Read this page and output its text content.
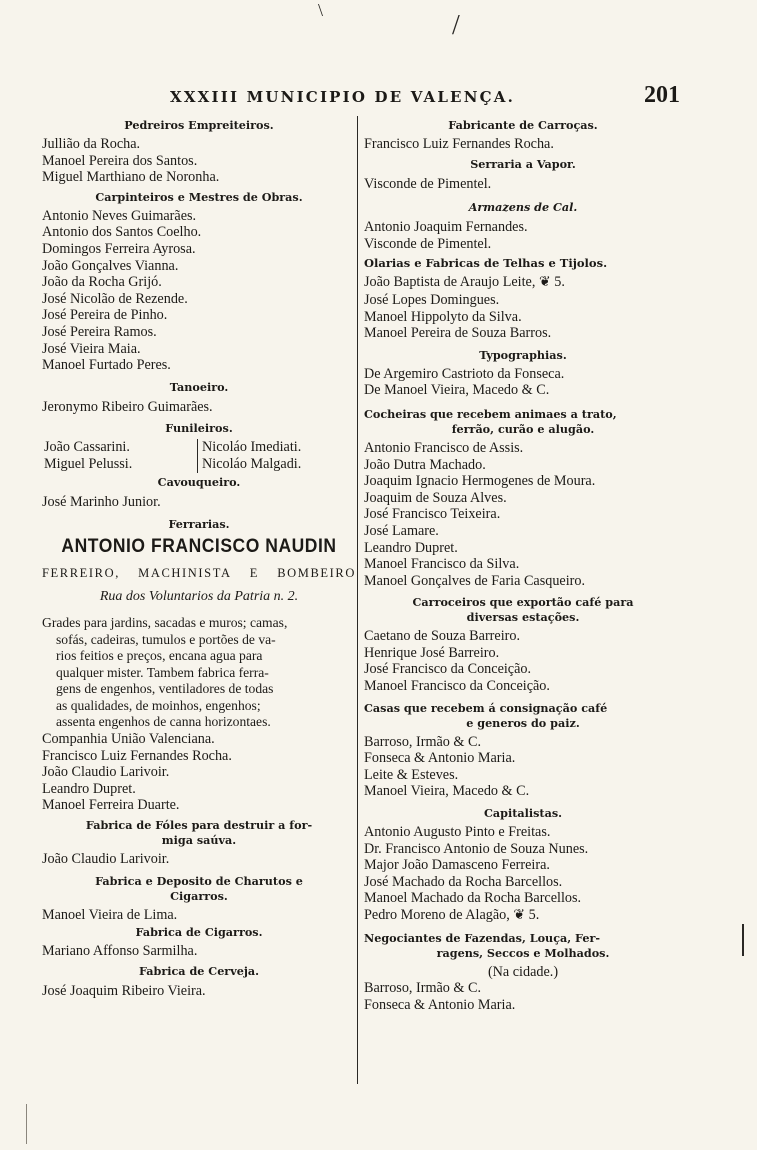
\	/
XXXIII MUNICIPIO DE VALENÇA.	201
Pedreiros Empreiteiros.
Jullião da Rocha.
Manoel Pereira dos Santos.
Miguel Marthiano de Noronha.
Carpinteiros e Mestres de Obras.
Antonio Neves Guimarães.
Antonio dos Santos Coelho.
Domingos Ferreira Ayrosa.
João Gonçalves Vianna.
João da Rocha Grijó.
José Nicolão de Rezende.
José Pereira de Pinho.
José Pereira Ramos.
José Vieira Maia.
Manoel Furtado Peres.
Tanoeiro.
Jeronymo Ribeiro Guimarães.
Funileiros.
João Cassarini.
Miguel Pelussi.
Nicoláo Imediati.
Nicoláo Malgadi.
Cavouqueiro.
José Marinho Junior.
Ferrarias.
ANTONIO FRANCISCO NAUDIN
FERREIRO, MACHINISTA E BOMBEIRO
Rua dos Voluntarios da Patria n. 2.
Grades para jardins, sacadas e muros; camas,
sofás, cadeiras, tumulos e portões de va-
rios feitios e preços, encana agua para
qualquer mister. Tambem fabrica ferra-
gens de engenhos, ventiladores de todas
as qualidades, de moinhos, engenhos;
assenta engenhos de canna horizontaes.
Companhia União Valenciana.
Francisco Luiz Fernandes Rocha.
João Claudio Larivoir.
Leandro Dupret.
Manoel Ferreira Duarte.
Fabrica de Fóles para destruir a for-
miga saúva.
João Claudio Larivoir.
Fabrica e Deposito de Charutos e
Cigarros.
Manoel Vieira de Lima.
Fabrica de Cigarros.
Mariano Affonso Sarmilha.
Fabrica de Cerveja.
José Joaquim Ribeiro Vieira.
Fabricante de Carroças.
Francisco Luiz Fernandes Rocha.
Serraria a Vapor.
Visconde de Pimentel.
Armazens de Cal.
Antonio Joaquim Fernandes.
Visconde de Pimentel.
Olarias e Fabricas de Telhas e Tijolos.
João Baptista de Araujo Leite, ❦ 5.
José Lopes Domingues.
Manoel Hippolyto da Silva.
Manoel Pereira de Souza Barros.
Typographias.
De Argemiro Castrioto da Fonseca.
De Manoel Vieira, Macedo & C.
Cocheiras que recebem animaes a trato,
ferrão, curão e alugão.
Antonio Francisco de Assis.
João Dutra Machado.
Joaquim Ignacio Hermogenes de Moura.
Joaquim de Souza Alves.
José Francisco Teixeira.
José Lamare.
Leandro Dupret.
Manoel Francisco da Silva.
Manoel Gonçalves de Faria Casqueiro.
Carroceiros que exportão café para
diversas estações.
Caetano de Souza Barreiro.
Henrique José Barreiro.
José Francisco da Conceição.
Manoel Francisco da Conceição.
Casas que recebem á consignação café
e generos do paiz.
Barroso, Irmão & C.
Fonseca & Antonio Maria.
Leite & Esteves.
Manoel Vieira, Macedo & C.
Capitalistas.
Antonio Augusto Pinto e Freitas.
Dr. Francisco Antonio de Souza Nunes.
Major João Damasceno Ferreira.
José Machado da Rocha Barcellos.
Manoel Machado da Rocha Barcellos.
Pedro Moreno de Alagão, ❦ 5.
Negociantes de Fazendas, Louça, Fer-
ragens, Seccos e Molhados.
(Na cidade.)
Barroso, Irmão & C.
Fonseca & Antonio Maria.
